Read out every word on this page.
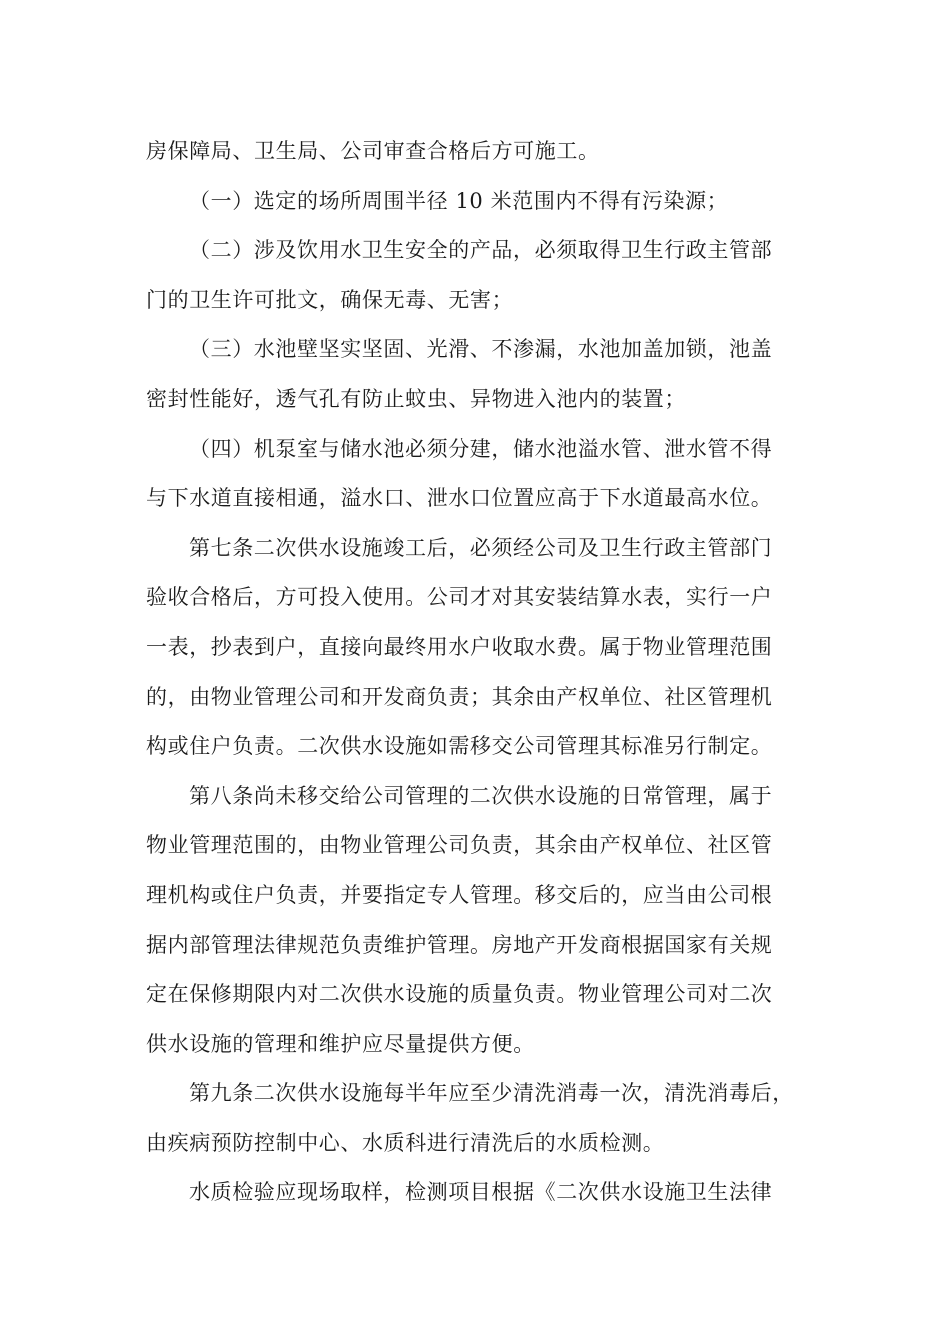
房保障局、卫生局、公司审查合格后方可施工。
（一）选定的场所周围半径 10 米范围内不得有污染源；
（二）涉及饮用水卫生安全的产品，必须取得卫生行政主管部
门的卫生许可批文，确保无毒、无害；
（三）水池壁坚实坚固、光滑、不渗漏，水池加盖加锁，池盖
密封性能好，透气孔有防止蚊虫、异物进入池内的装置；
（四）机泵室与储水池必须分建，储水池溢水管、泄水管不得
与下水道直接相通，溢水口、泄水口位置应高于下水道最高水位。
第七条二次供水设施竣工后，必须经公司及卫生行政主管部门
验收合格后，方可投入使用。公司才对其安装结算水表，实行一户
一表，抄表到户，直接向最终用水户收取水费。属于物业管理范围
的，由物业管理公司和开发商负责；其余由产权单位、社区管理机
构或住户负责。二次供水设施如需移交公司管理其标准另行制定。
第八条尚未移交给公司管理的二次供水设施的日常管理，属于
物业管理范围的，由物业管理公司负责，其余由产权单位、社区管
理机构或住户负责，并要指定专人管理。移交后的，应当由公司根
据内部管理法律规范负责维护管理。房地产开发商根据国家有关规
定在保修期限内对二次供水设施的质量负责。物业管理公司对二次
供水设施的管理和维护应尽量提供方便。
第九条二次供水设施每半年应至少清洗消毒一次，清洗消毒后，
由疾病预防控制中心、水质科进行清洗后的水质检测。
水质检验应现场取样，检测项目根据《二次供水设施卫生法律
